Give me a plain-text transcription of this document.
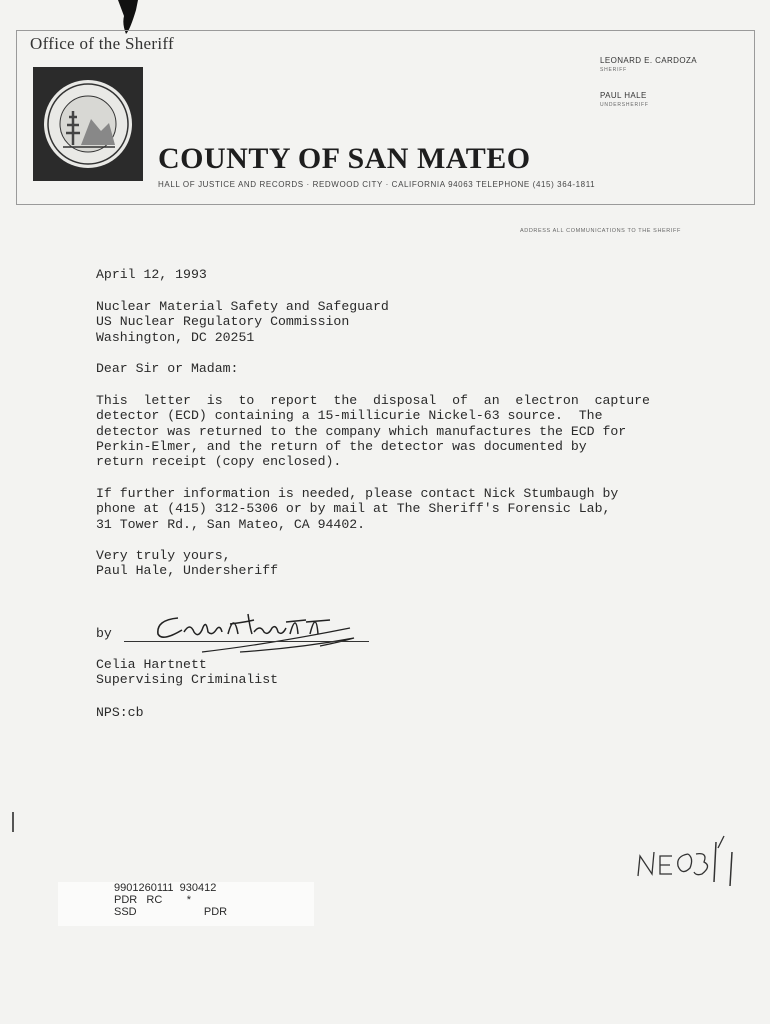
Office of the Sheriff
COUNTY OF SAN MATEO
HALL OF JUSTICE AND RECORDS · REDWOOD CITY · CALIFORNIA 94063 TELEPHONE (415) 364-1811
LEONARD E. CARDOZA
SHERIFF
PAUL HALE
UNDERSHERIFF
ADDRESS ALL COMMUNICATIONS TO THE SHERIFF
April 12, 1993
Nuclear Material Safety and Safeguard
US Nuclear Regulatory Commission
Washington, DC 20251
Dear Sir or Madam:
This  letter  is  to  report  the  disposal  of  an  electron  capture
detector (ECD) containing a 15-millicurie Nickel-63 source.  The
detector was returned to the company which manufactures the ECD for
Perkin-Elmer, and the return of the detector was documented by
return receipt (copy enclosed).
If further information is needed, please contact Nick Stumbaugh by
phone at (415) 312-5306 or by mail at The Sheriff's Forensic Lab,
31 Tower Rd., San Mateo, CA 94402.
Very truly yours,
Paul Hale, Undersheriff
by
Celia Hartnett
Supervising Criminalist
NPS:cb
9901260111  930412
PDR   RC        *
SSD                      PDR
